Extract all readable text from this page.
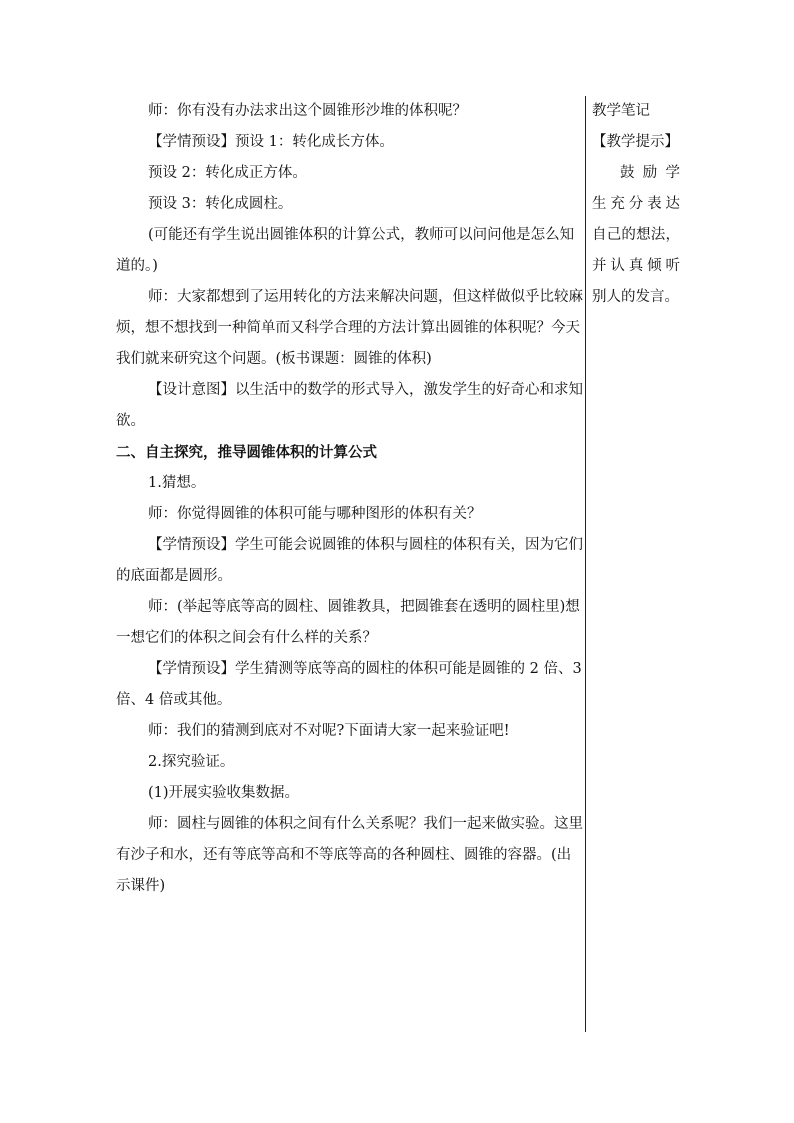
师：你有没有办法求出这个圆锥形沙堆的体积呢？

【学情预设】预设 1：转化成长方体。

预设 2：转化成正方体。

预设 3：转化成圆柱。

(可能还有学生说出圆锥体积的计算公式，教师可以问问他是怎么知道的。)

师：大家都想到了运用转化的方法来解决问题，但这样做似乎比较麻烦，想不想找到一种简单而又科学合理的方法计算出圆锥的体积呢？今天我们就来研究这个问题。(板书课题：圆锥的体积)

【设计意图】以生活中的数学的形式导入，激发学生的好奇心和求知欲。

二、自主探究，推导圆锥体积的计算公式

1.猜想。

师：你觉得圆锥的体积可能与哪种图形的体积有关？

【学情预设】学生可能会说圆锥的体积与圆柱的体积有关，因为它们的底面都是圆形。

师：(举起等底等高的圆柱、圆锥教具，把圆锥套在透明的圆柱里)想一想它们的体积之间会有什么样的关系？

【学情预设】学生猜测等底等高的圆柱的体积可能是圆锥的 2 倍、3 倍、4 倍或其他。

师：我们的猜测到底对不对呢?下面请大家一起来验证吧!

2.探究验证。

(1)开展实验收集数据。

师：圆柱与圆锥的体积之间有什么关系呢？我们一起来做实验。这里有沙子和水，还有等底等高和不等底等高的各种圆柱、圆锥的容器。(出示课件)

教学笔记

【教学提示】

鼓励学

生充分表达

自己的想法，

并认真倾听

别人的发言。
